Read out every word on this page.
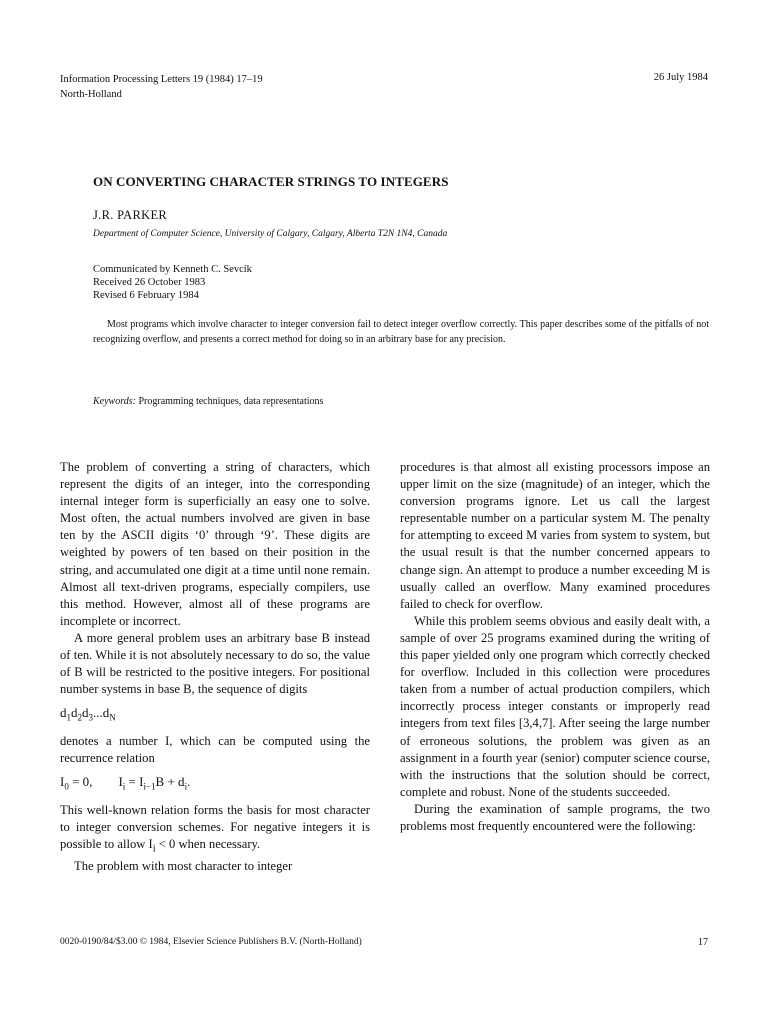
Information Processing Letters 19 (1984) 17–19
North-Holland
26 July 1984
ON CONVERTING CHARACTER STRINGS TO INTEGERS
J.R. PARKER
Department of Computer Science, University of Calgary, Calgary, Alberta T2N 1N4, Canada
Communicated by Kenneth C. Sevcik
Received 26 October 1983
Revised 6 February 1984
Most programs which involve character to integer conversion fail to detect integer overflow correctly. This paper describes some of the pitfalls of not recognizing overflow, and presents a correct method for doing so in an arbitrary base for any precision.
Keywords: Programming techniques, data representations

The problem of converting a string of characters, which represent the digits of an integer, into the corresponding internal integer form is superficially an easy one to solve. Most often, the actual numbers involved are given in base ten by the ASCII digits ‘0’ through ‘9’. These digits are weighted by powers of ten based on their position in the string, and accumulated one digit at a time until none remain. Almost all text-driven programs, especially compilers, use this method. However, almost all of these programs are incomplete or incorrect.

A more general problem uses an arbitrary base B instead of ten. While it is not absolutely necessary to do so, the value of B will be restricted to the positive integers. For positional number systems in base B, the sequence of digits

$d_1d_2d_3...d_N$

denotes a number I, which can be computed using the recurrence relation

$I_0 = 0$, $I_i = I_{i-1}B + d_i$.

This well-known relation forms the basis for most character to integer conversion schemes. For negative integers it is possible to allow $I_i < 0$ when necessary.

The problem with most character to integer

procedures is that almost all existing processors impose an upper limit on the size (magnitude) of an integer, which the conversion programs ignore. Let us call the largest representable number on a particular system M. The penalty for attempting to exceed M varies from system to system, but the usual result is that the number concerned appears to change sign. An attempt to produce a number exceeding M is usually called an overflow. Many examined procedures failed to check for overflow.

While this problem seems obvious and easily dealt with, a sample of over 25 programs examined during the writing of this paper yielded only one program which correctly checked for overflow. Included in this collection were procedures taken from a number of actual production compilers, which incorrectly process integer constants or improperly read integers from text files [3,4,7]. After seeing the large number of erroneous solutions, the problem was given as an assignment in a fourth year (senior) computer science course, with the instructions that the solution should be correct, complete and robust. None of the students succeeded.

During the examination of sample programs, the two problems most frequently encountered were the following:

0020-0190/84/$3.00 © 1984, Elsevier Science Publishers B.V. (North-Holland)	17
